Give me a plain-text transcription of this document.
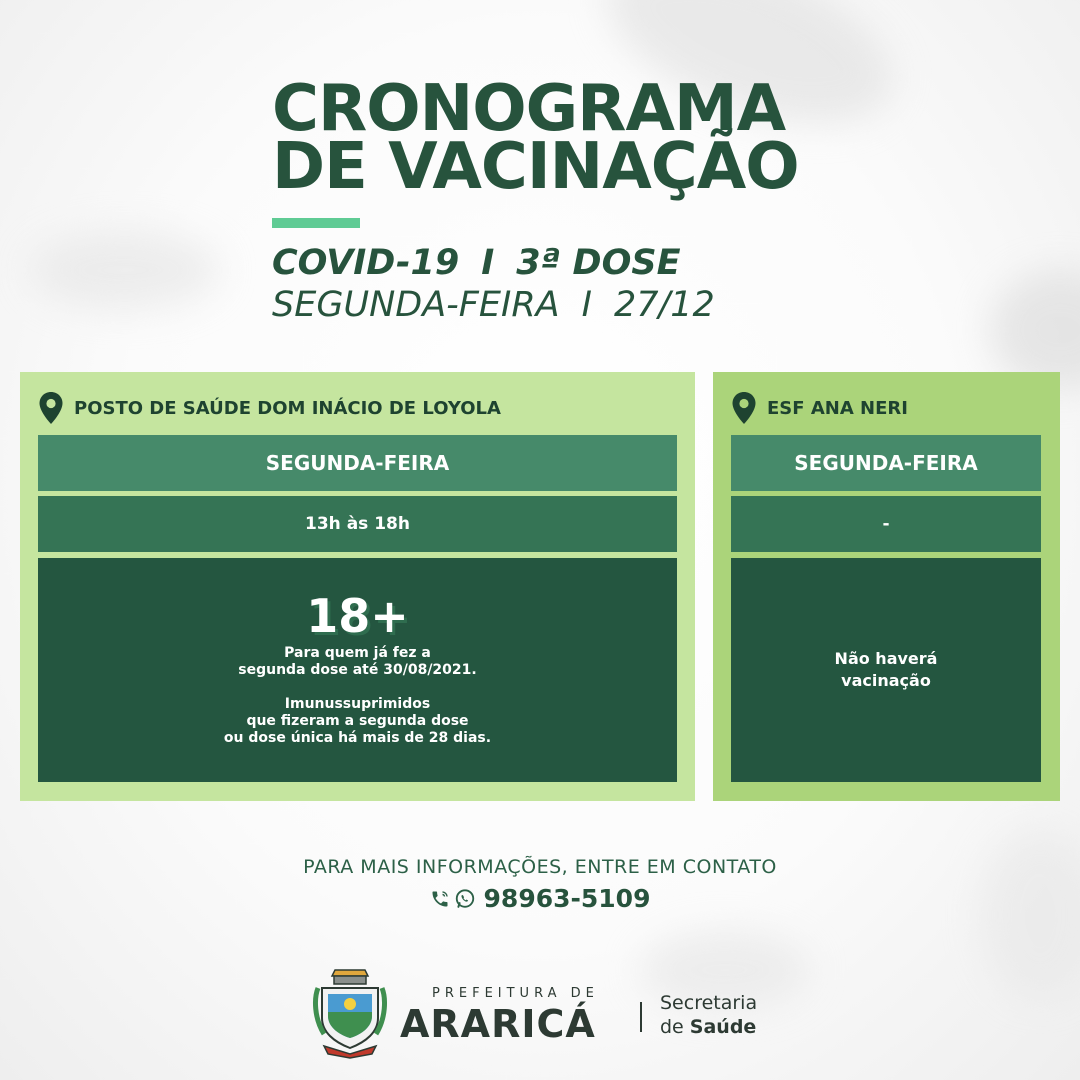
CRONOGRAMA
DE VACINAÇÃO
COVID-19 I 3ª DOSE
SEGUNDA-FEIRA I 27/12
POSTO DE SAÚDE DOM INÁCIO DE LOYOLA
SEGUNDA-FEIRA
13h às 18h
18+
Para quem já fez a
segunda dose até 30/08/2021.
Imunussuprimidos
que fizeram a segunda dose
ou dose única há mais de 28 dias.
ESF ANA NERI
SEGUNDA-FEIRA
-
Não haverá
vacinação
PARA MAIS INFORMAÇÕES, ENTRE EM CONTATO
98963-5109
PREFEITURA DE
ARARICÁ	Secretaria
de Saúde
